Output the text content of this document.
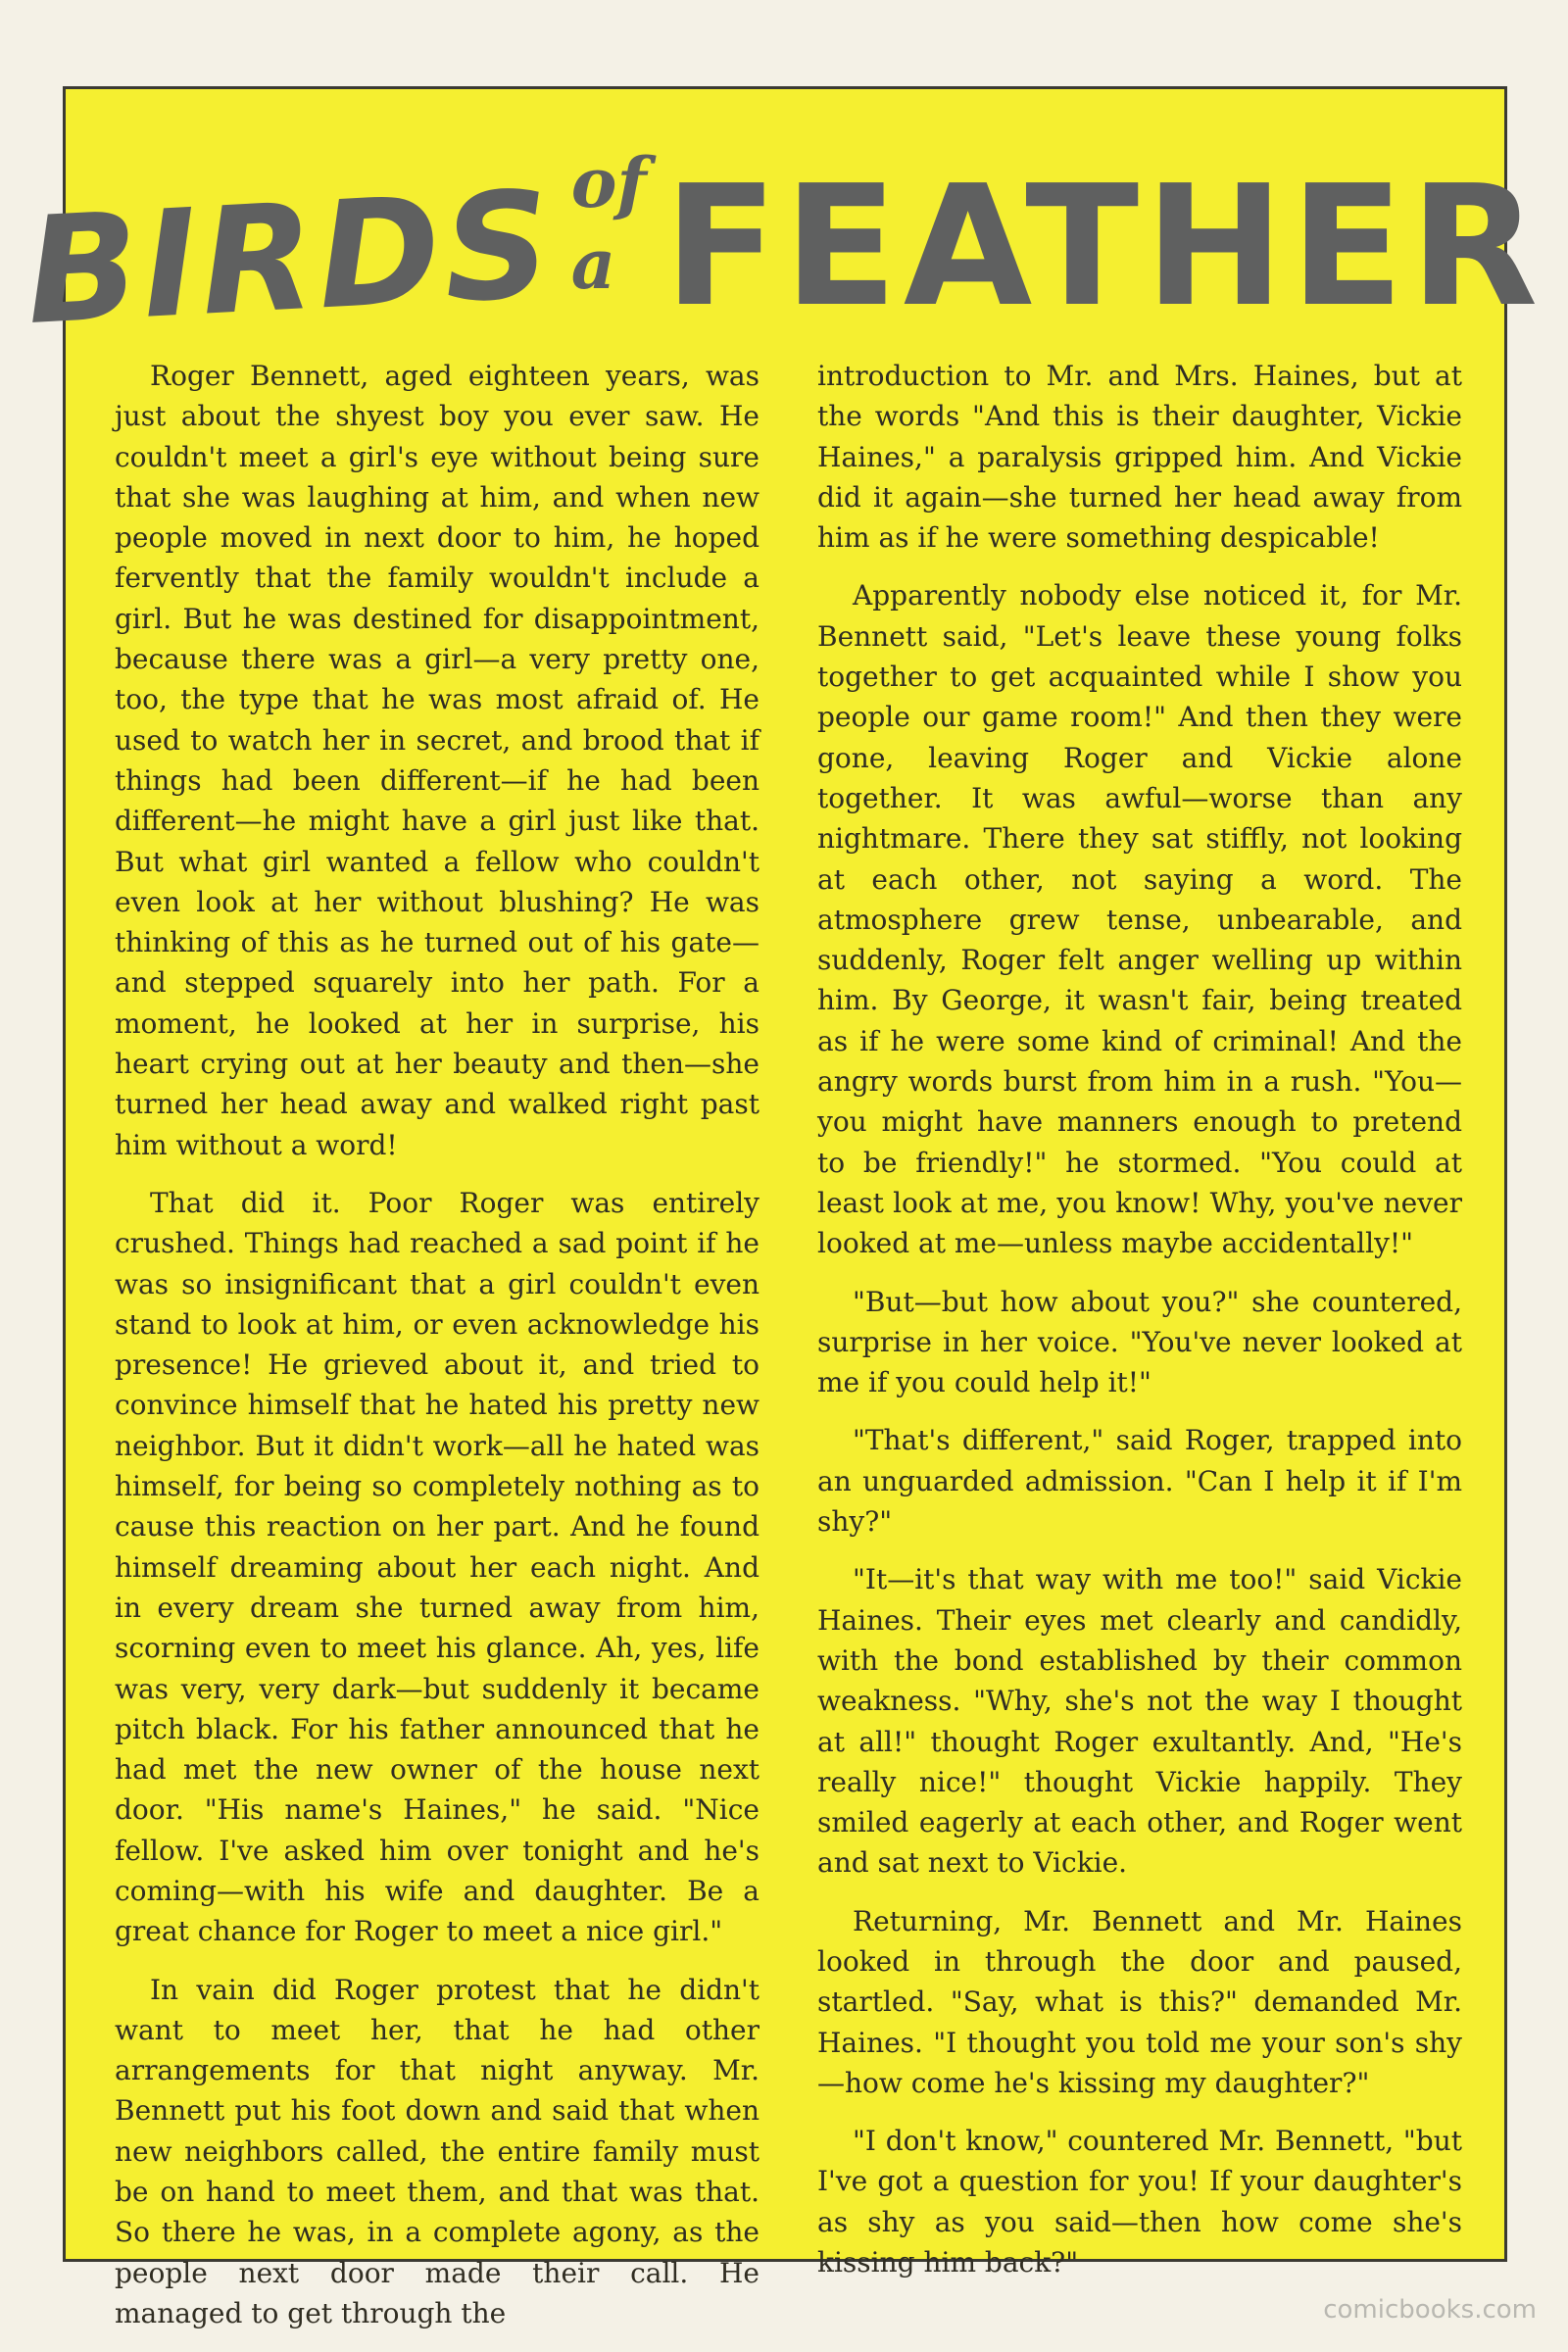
BIRDS of a FEATHER

Roger Bennett, aged eighteen years, was just about the shyest boy you ever saw. He couldn't meet a girl's eye without being sure that she was laughing at him, and when new people moved in next door to him, he hoped fervently that the family wouldn't include a girl. But he was destined for disappointment, because there was a girl—a very pretty one, too, the type that he was most afraid of. He used to watch her in secret, and brood that if things had been different—if he had been different—he might have a girl just like that. But what girl wanted a fellow who couldn't even look at her without blushing? He was thinking of this as he turned out of his gate—and stepped squarely into her path. For a moment, he looked at her in surprise, his heart crying out at her beauty and then—she turned her head away and walked right past him without a word!

That did it. Poor Roger was entirely crushed. Things had reached a sad point if he was so insignificant that a girl couldn't even stand to look at him, or even acknowledge his presence! He grieved about it, and tried to convince himself that he hated his pretty new neighbor. But it didn't work—all he hated was himself, for being so completely nothing as to cause this reaction on her part. And he found himself dreaming about her each night. And in every dream she turned away from him, scorning even to meet his glance. Ah, yes, life was very, very dark—but suddenly it became pitch black. For his father announced that he had met the new owner of the house next door. "His name's Haines," he said. "Nice fellow. I've asked him over tonight and he's coming—with his wife and daughter. Be a great chance for Roger to meet a nice girl."

In vain did Roger protest that he didn't want to meet her, that he had other arrangements for that night anyway. Mr. Bennett put his foot down and said that when new neighbors called, the entire family must be on hand to meet them, and that was that. So there he was, in a complete agony, as the people next door made their call. He managed to get through the

introduction to Mr. and Mrs. Haines, but at the words "And this is their daughter, Vickie Haines," a paralysis gripped him. And Vickie did it again—she turned her head away from him as if he were something despicable!

Apparently nobody else noticed it, for Mr. Bennett said, "Let's leave these young folks together to get acquainted while I show you people our game room!" And then they were gone, leaving Roger and Vickie alone together. It was awful—worse than any nightmare. There they sat stiffly, not looking at each other, not saying a word. The atmosphere grew tense, unbearable, and suddenly, Roger felt anger welling up within him. By George, it wasn't fair, being treated as if he were some kind of criminal! And the angry words burst from him in a rush. "You—you might have manners enough to pretend to be friendly!" he stormed. "You could at least look at me, you know! Why, you've never looked at me—unless maybe accidentally!"

"But—but how about you?" she countered, surprise in her voice. "You've never looked at me if you could help it!"

"That's different," said Roger, trapped into an unguarded admission. "Can I help it if I'm shy?"

"It—it's that way with me too!" said Vickie Haines. Their eyes met clearly and candidly, with the bond established by their common weakness. "Why, she's not the way I thought at all!" thought Roger exultantly. And, "He's really nice!" thought Vickie happily. They smiled eagerly at each other, and Roger went and sat next to Vickie.

Returning, Mr. Bennett and Mr. Haines looked in through the door and paused, startled. "Say, what is this?" demanded Mr. Haines. "I thought you told me your son's shy—how come he's kissing my daughter?"

"I don't know," countered Mr. Bennett, "but I've got a question for you! If your daughter's as shy as you said—then how come she's kissing him back?"

comicbooks.com
